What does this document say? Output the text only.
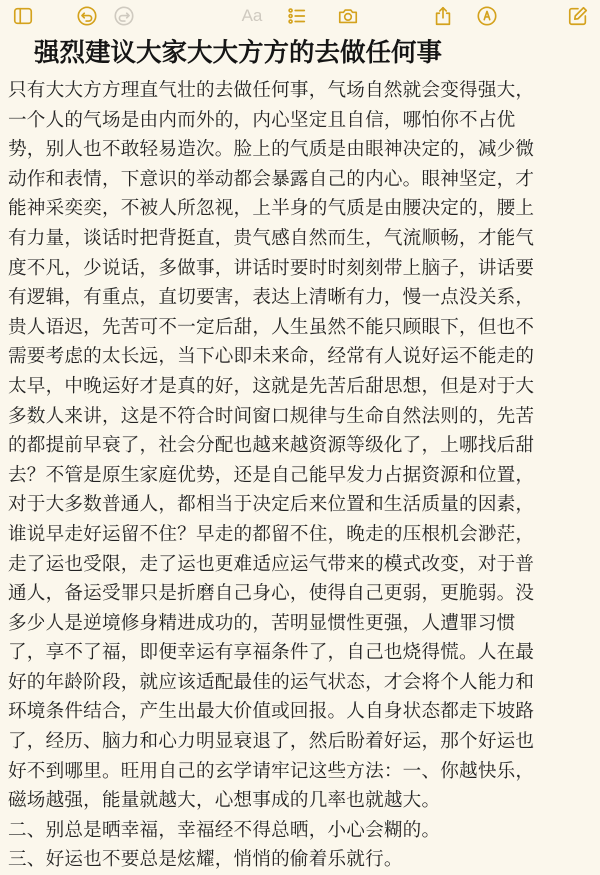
Aa
强烈建议大家大大方方的去做任何事
只有大大方方理直气壮的去做任何事，气场自然就会变得强大，
一个人的气场是由内而外的，内心坚定且自信，哪怕你不占优
势，别人也不敢轻易造次。脸上的气质是由眼神决定的，减少微
动作和表情，下意识的举动都会暴露自己的内心。眼神坚定，才
能神采奕奕，不被人所忽视，上半身的气质是由腰决定的，腰上
有力量，谈话时把背挺直，贵气感自然而生，气流顺畅，才能气
度不凡，少说话，多做事，讲话时要时时刻刻带上脑子，讲话要
有逻辑，有重点，直切要害，表达上清晰有力，慢一点没关系，
贵人语迟，先苦可不一定后甜，人生虽然不能只顾眼下，但也不
需要考虑的太长远，当下心即未来命，经常有人说好运不能走的
太早，中晚运好才是真的好，这就是先苦后甜思想，但是对于大
多数人来讲，这是不符合时间窗口规律与生命自然法则的，先苦
的都提前早衰了，社会分配也越来越资源等级化了，上哪找后甜
去？不管是原生家庭优势，还是自己能早发力占据资源和位置，
对于大多数普通人，都相当于决定后来位置和生活质量的因素，
谁说早走好运留不住？早走的都留不住，晚走的压根机会渺茫，
走了运也受限，走了运也更难适应运气带来的模式改变，对于普
通人，备运受罪只是折磨自己身心，使得自己更弱，更脆弱。没
多少人是逆境修身精进成功的，苦明显惯性更强，人遭罪习惯
了，享不了福，即便幸运有享福条件了，自己也烧得慌。人在最
好的年龄阶段，就应该适配最佳的运气状态，才会将个人能力和
环境条件结合，产生出最大价值或回报。人自身状态都走下坡路
了，经历、脑力和心力明显衰退了，然后盼着好运，那个好运也
好不到哪里。旺用自己的玄学请牢记这些方法：一、你越快乐，
磁场越强，能量就越大，心想事成的几率也就越大。
二、别总是晒幸福，幸福经不得总晒，小心会糊的。
三、好运也不要总是炫耀，悄悄的偷着乐就行。
